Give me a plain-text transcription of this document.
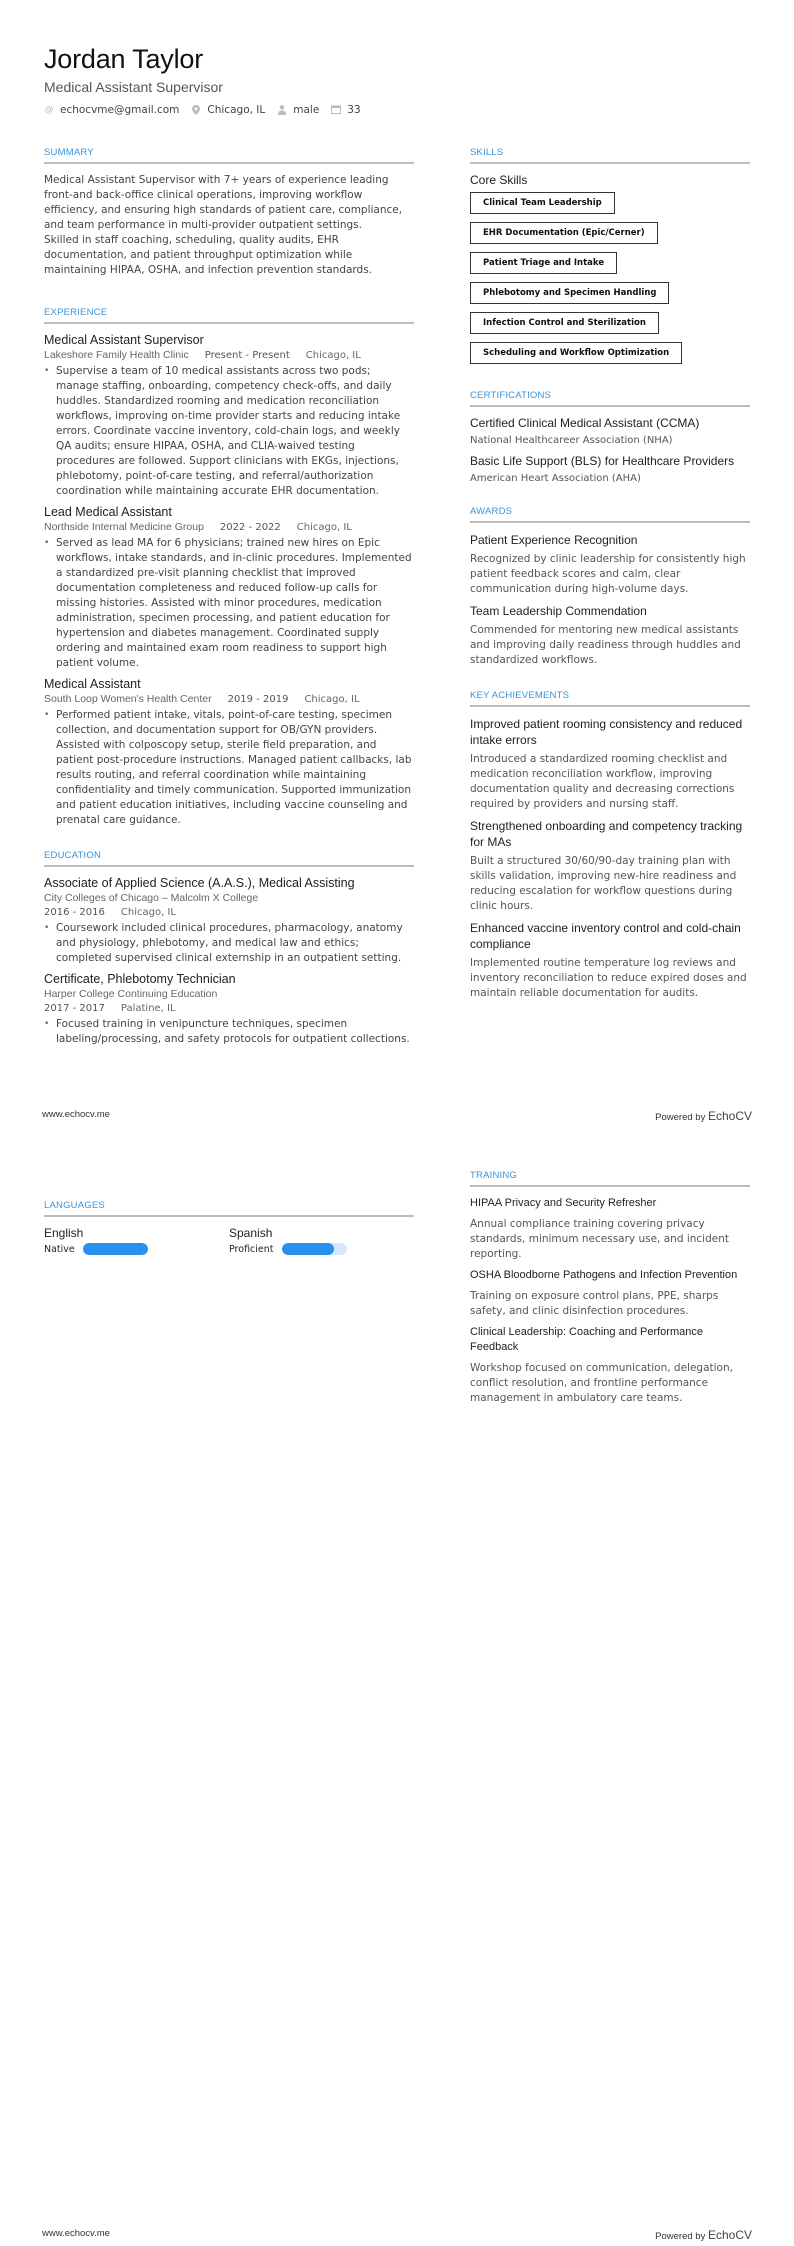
Jordan Taylor
Medical Assistant Supervisor
@ echocvme@gmail.com	Chicago, IL	male	33
SUMMARY

Medical Assistant Supervisor with 7+ years of experience leading front-and back-office clinical operations, improving workflow efficiency, and ensuring high standards of patient care, compliance, and team performance in multi-provider outpatient settings.

Skilled in staff coaching, scheduling, quality audits, EHR documentation, and patient throughput optimization while maintaining HIPAA, OSHA, and infection prevention standards.

EXPERIENCE
Medical Assistant Supervisor
Lakeshore Family Health Clinic Present - Present Chicago, IL
• Supervise a team of 10 medical assistants across two pods; manage staffing, onboarding, competency check-offs, and daily huddles. Standardized rooming and medication reconciliation workflows, improving on-time provider starts and reducing intake errors. Coordinate vaccine inventory, cold-chain logs, and weekly QA audits; ensure HIPAA, OSHA, and CLIA-waived testing procedures are followed. Support clinicians with EKGs, injections, phlebotomy, point-of-care testing, and referral/authorization coordination while maintaining accurate EHR documentation.
Lead Medical Assistant
Northside Internal Medicine Group 2022 - 2022 Chicago, IL
• Served as lead MA for 6 physicians; trained new hires on Epic workflows, intake standards, and in-clinic procedures. Implemented a standardized pre-visit planning checklist that improved documentation completeness and reduced follow-up calls for missing histories. Assisted with minor procedures, medication administration, specimen processing, and patient education for hypertension and diabetes management. Coordinated supply ordering and maintained exam room readiness to support high patient volume.
Medical Assistant
South Loop Women's Health Center 2019 - 2019 Chicago, IL
• Performed patient intake, vitals, point-of-care testing, specimen collection, and documentation support for OB/GYN providers. Assisted with colposcopy setup, sterile field preparation, and patient post-procedure instructions. Managed patient callbacks, lab results routing, and referral coordination while maintaining confidentiality and timely communication. Supported immunization and patient education initiatives, including vaccine counseling and prenatal care guidance.
EDUCATION
Associate of Applied Science (A.A.S.), Medical Assisting
City Colleges of Chicago – Malcolm X College
2016 - 2016 Chicago, IL
• Coursework included clinical procedures, pharmacology, anatomy and physiology, phlebotomy, and medical law and ethics; completed supervised clinical externship in an outpatient setting.
Certificate, Phlebotomy Technician
Harper College Continuing Education
2017 - 2017 Palatine, IL
• Focused training in venipuncture techniques, specimen labeling/processing, and safety protocols for outpatient collections.
SKILLS
Core Skills
Clinical Team Leadership
EHR Documentation (Epic/Cerner)
Patient Triage and Intake
Phlebotomy and Specimen Handling
Infection Control and Sterilization
Scheduling and Workflow Optimization
CERTIFICATIONS
Certified Clinical Medical Assistant (CCMA)
National Healthcareer Association (NHA)
Basic Life Support (BLS) for Healthcare Providers
American Heart Association (AHA)
AWARDS
Patient Experience Recognition
Recognized by clinic leadership for consistently high patient feedback scores and calm, clear communication during high-volume days.
Team Leadership Commendation
Commended for mentoring new medical assistants and improving daily readiness through huddles and standardized workflows.
KEY ACHIEVEMENTS
Improved patient rooming consistency and reduced intake errors
Introduced a standardized rooming checklist and medication reconciliation workflow, improving documentation quality and decreasing corrections required by providers and nursing staff.
Strengthened onboarding and competency tracking for MAs
Built a structured 30/60/90-day training plan with skills validation, improving new-hire readiness and reducing escalation for workflow questions during clinic hours.
Enhanced vaccine inventory control and cold-chain compliance
Implemented routine temperature log reviews and inventory reconciliation to reduce expired doses and maintain reliable documentation for audits.
www.echocv.me	Powered by EchoCV
LANGUAGES
English
Native
Spanish
Proficient
TRAINING
HIPAA Privacy and Security Refresher
Annual compliance training covering privacy standards, minimum necessary use, and incident reporting.
OSHA Bloodborne Pathogens and Infection Prevention
Training on exposure control plans, PPE, sharps safety, and clinic disinfection procedures.
Clinical Leadership: Coaching and Performance Feedback
Workshop focused on communication, delegation, conflict resolution, and frontline performance management in ambulatory care teams.
www.echocv.me	Powered by EchoCV
